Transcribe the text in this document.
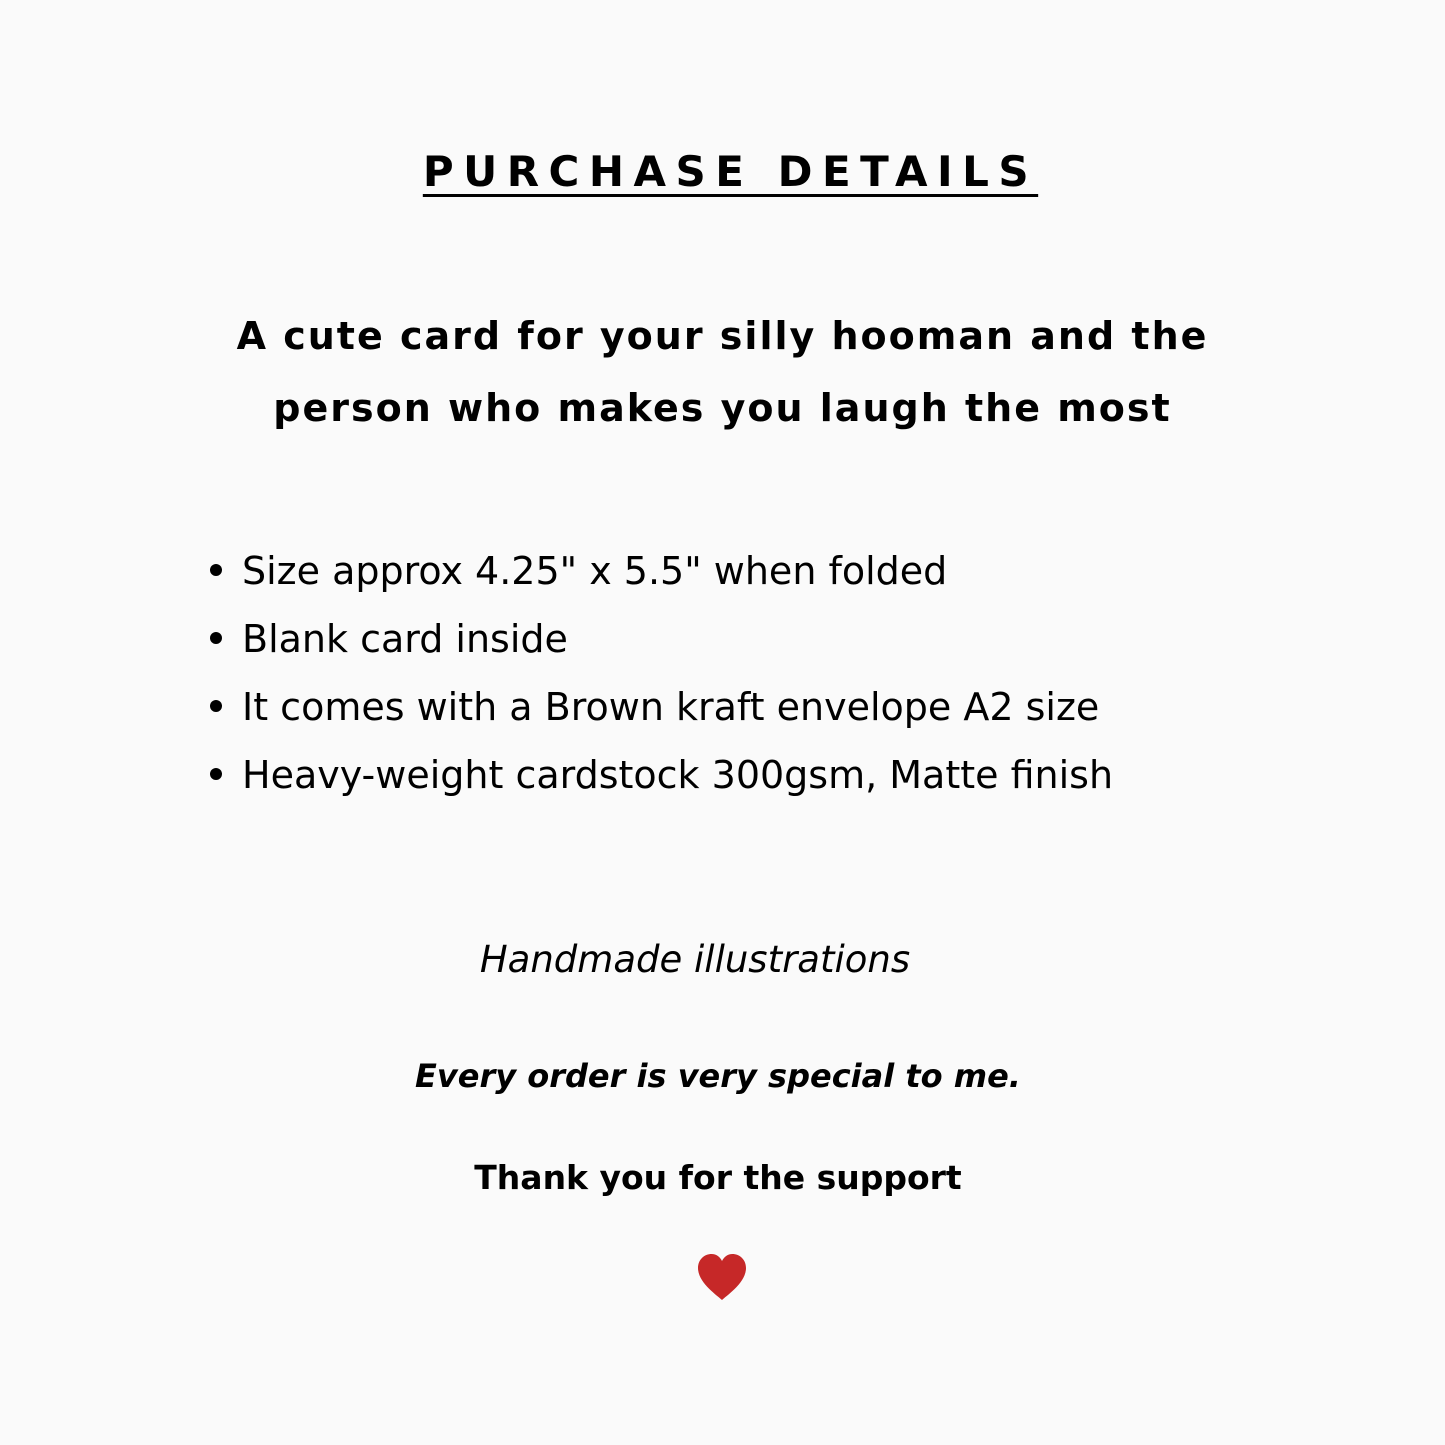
PURCHASE DETAILS
A cute card for your silly hooman and the
person who makes you laugh the most
Size approx 4.25" x 5.5" when folded
Blank card inside
It comes with a Brown kraft envelope A2 size
Heavy-weight cardstock 300gsm, Matte finish

Handmade illustrations

Every order is very special to me.

Thank you for the support
